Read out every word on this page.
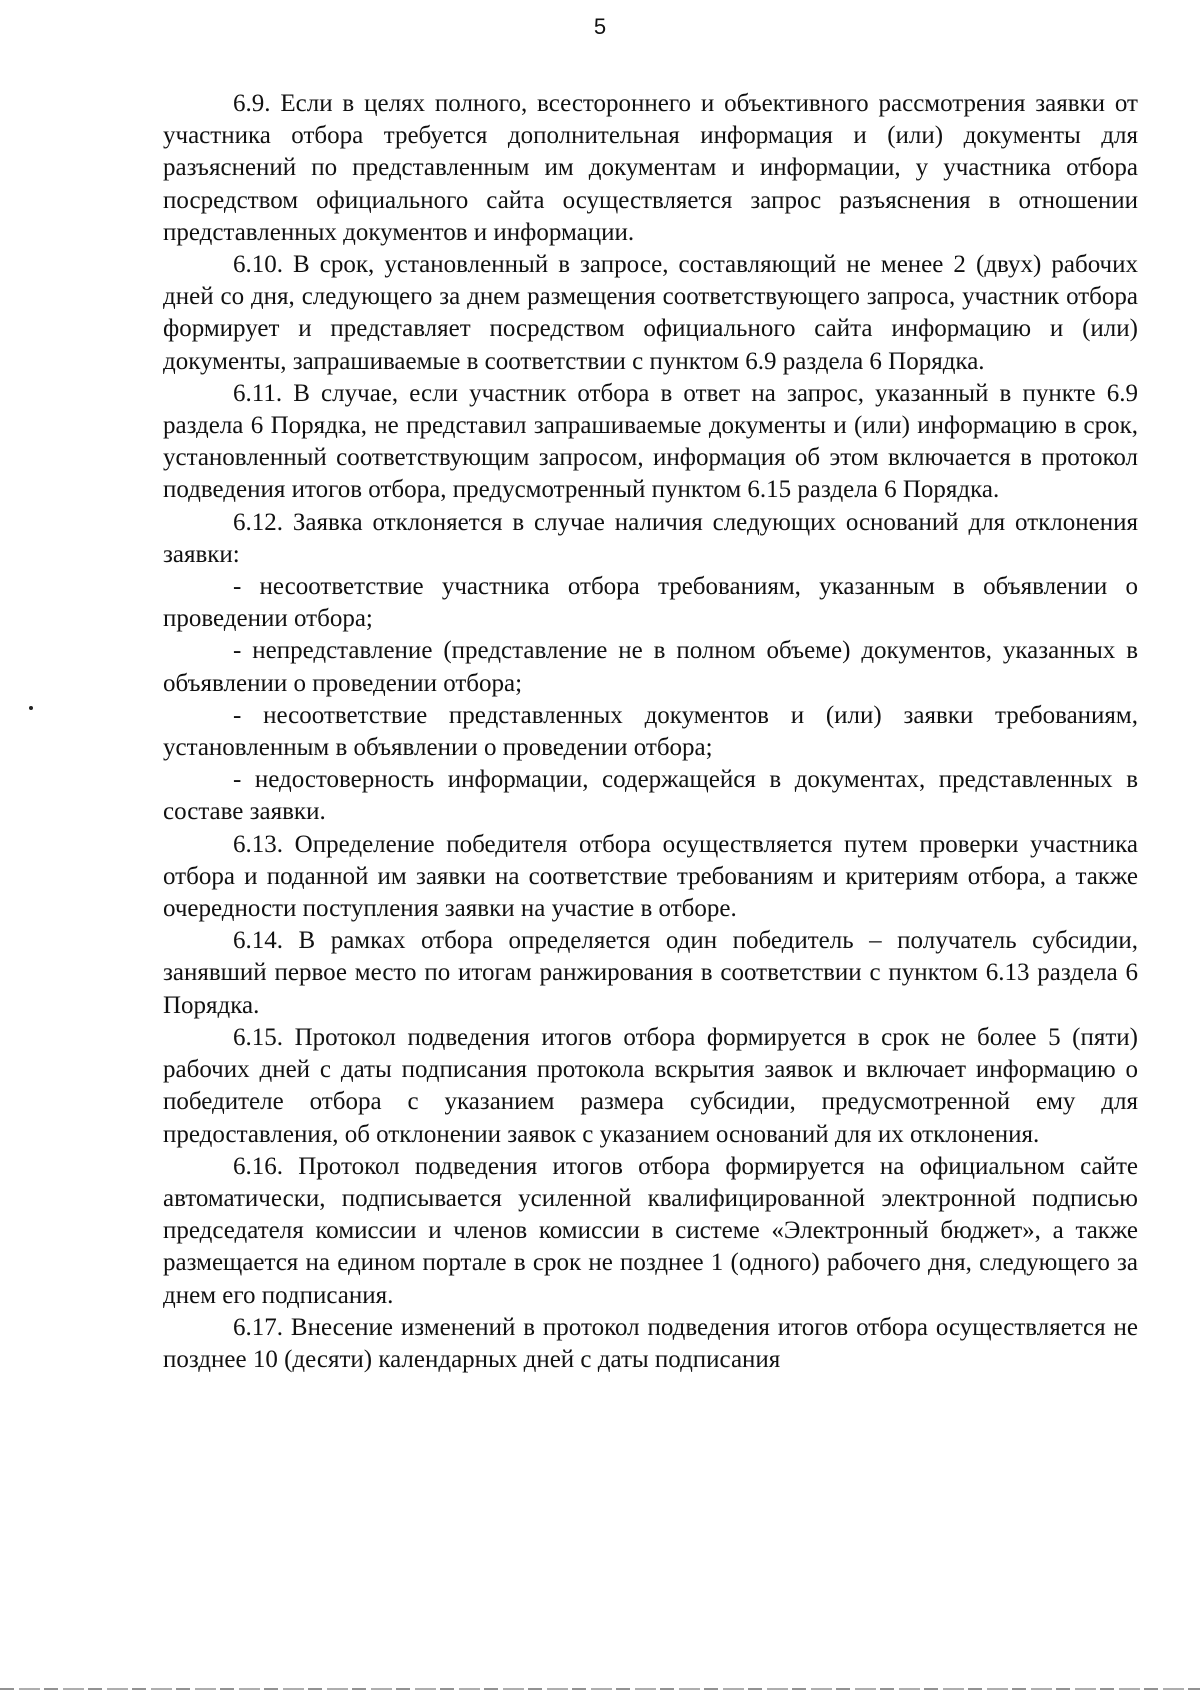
5

6.9. Если в целях полного, всестороннего и объективного рассмотрения заявки от участника отбора требуется дополнительная информация и (или) документы для разъяснений по представленным им документам и информации, у участника отбора посредством официального сайта осуществляется запрос разъяснения в отношении представленных документов и информации.

6.10. В срок, установленный в запросе, составляющий не менее 2 (двух) рабочих дней со дня, следующего за днем размещения соответствующего запроса, участник отбора формирует и представляет посредством официального сайта информацию и (или) документы, запрашиваемые в соответствии с пунктом 6.9 раздела 6 Порядка.

6.11. В случае, если участник отбора в ответ на запрос, указанный в пункте 6.9 раздела 6 Порядка, не представил запрашиваемые документы и (или) информацию в срок, установленный соответствующим запросом, информация об этом включается в протокол подведения итогов отбора, предусмотренный пунктом 6.15 раздела 6 Порядка.

6.12. Заявка отклоняется в случае наличия следующих оснований для отклонения заявки:

- несоответствие участника отбора требованиям, указанным в объявлении о проведении отбора;

- непредставление (представление не в полном объеме) документов, указанных в объявлении о проведении отбора;

- несоответствие представленных документов и (или) заявки требованиям, установленным в объявлении о проведении отбора;

- недостоверность информации, содержащейся в документах, представленных в составе заявки.

6.13. Определение победителя отбора осуществляется путем проверки участника отбора и поданной им заявки на соответствие требованиям и критериям отбора, а также очередности поступления заявки на участие в отборе.

6.14. В рамках отбора определяется один победитель – получатель субсидии, занявший первое место по итогам ранжирования в соответствии с пунктом 6.13 раздела 6 Порядка.

6.15. Протокол подведения итогов отбора формируется в срок не более 5 (пяти) рабочих дней с даты подписания протокола вскрытия заявок и включает информацию о победителе отбора с указанием размера субсидии, предусмотренной ему для предоставления, об отклонении заявок с указанием оснований для их отклонения.

6.16. Протокол подведения итогов отбора формируется на официальном сайте автоматически, подписывается усиленной квалифицированной электронной подписью председателя комиссии и членов комиссии в системе «Электронный бюджет», а также размещается на едином портале в срок не позднее 1 (одного) рабочего дня, следующего за днем его подписания.

6.17. Внесение изменений в протокол подведения итогов отбора осуществляется не позднее 10 (десяти) календарных дней с даты подписания
